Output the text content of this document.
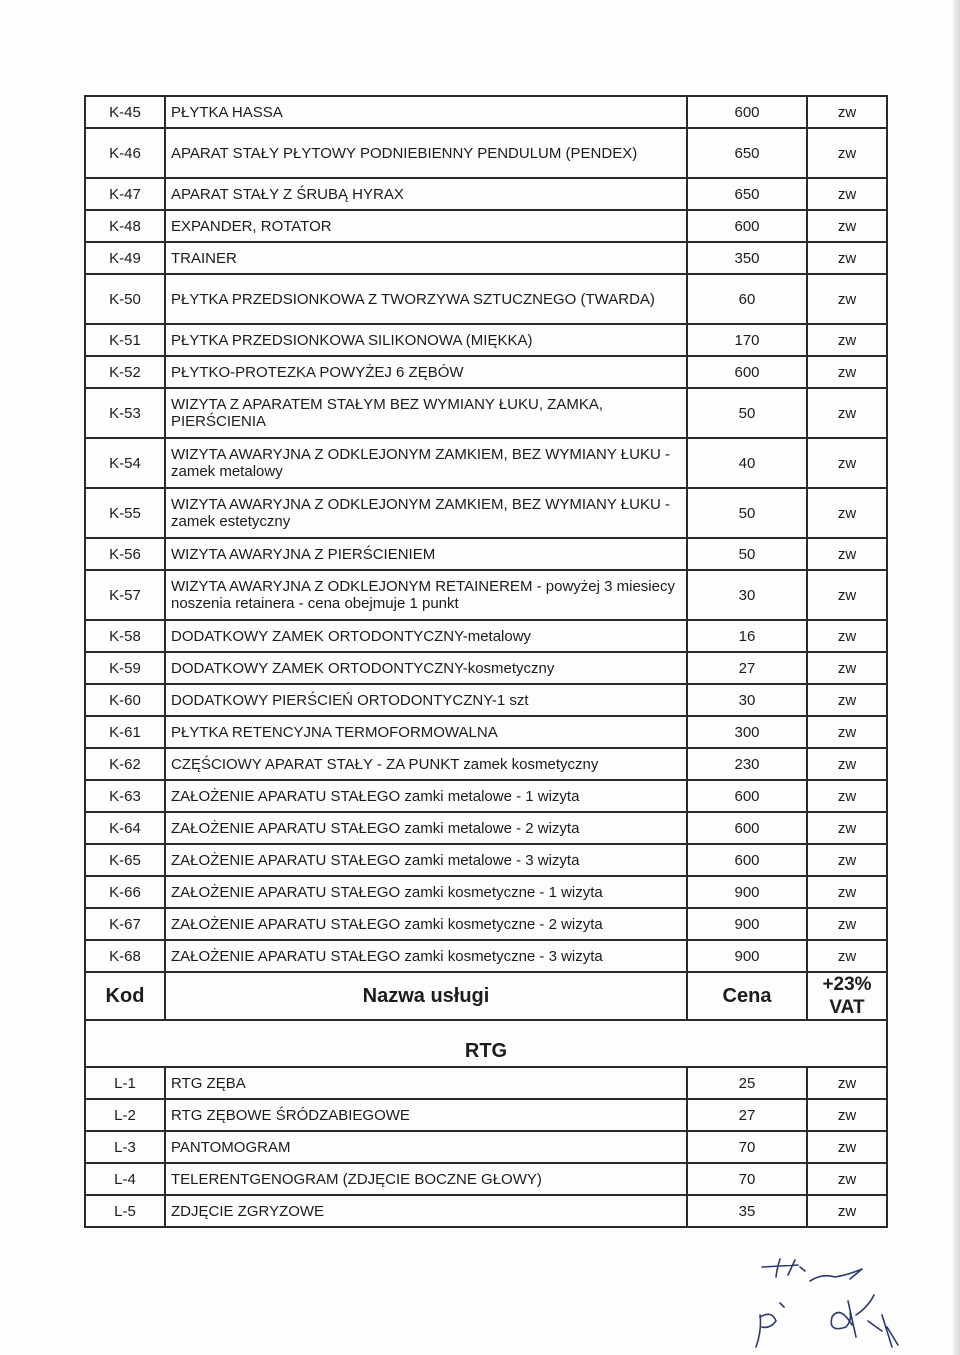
K-45	PŁYTKA HASSA	600	zw
K-46	APARAT STAŁY PŁYTOWY PODNIEBIENNY PENDULUM (PENDEX)	650	zw
K-47	APARAT STAŁY Z ŚRUBĄ HYRAX	650	zw
K-48	EXPANDER, ROTATOR	600	zw
K-49	TRAINER	350	zw
K-50	PŁYTKA PRZEDSIONKOWA Z TWORZYWA SZTUCZNEGO (TWARDA)	60	zw
K-51	PŁYTKA PRZEDSIONKOWA SILIKONOWA (MIĘKKA)	170	zw
K-52	PŁYTKO-PROTEZKA POWYŻEJ 6 ZĘBÓW	600	zw
K-53	WIZYTA Z APARATEM STAŁYM BEZ WYMIANY ŁUKU, ZAMKA, PIERŚCIENIA	50	zw
K-54	WIZYTA AWARYJNA Z ODKLEJONYM ZAMKIEM, BEZ WYMIANY ŁUKU - zamek metalowy	40	zw
K-55	WIZYTA AWARYJNA Z ODKLEJONYM ZAMKIEM, BEZ WYMIANY ŁUKU - zamek estetyczny	50	zw
K-56	WIZYTA AWARYJNA Z PIERŚCIENIEM	50	zw
K-57	WIZYTA AWARYJNA Z ODKLEJONYM RETAINEREM - powyżej 3 miesiecy noszenia retainera - cena obejmuje 1 punkt	30	zw
K-58	DODATKOWY ZAMEK ORTODONTYCZNY-metalowy	16	zw
K-59	DODATKOWY ZAMEK ORTODONTYCZNY-kosmetyczny	27	zw
K-60	DODATKOWY PIERŚCIEŃ ORTODONTYCZNY-1 szt	30	zw
K-61	PŁYTKA RETENCYJNA TERMOFORMOWALNA	300	zw
K-62	CZĘŚCIOWY APARAT STAŁY - ZA PUNKT zamek kosmetyczny	230	zw
K-63	ZAŁOŻENIE APARATU STAŁEGO zamki metalowe - 1 wizyta	600	zw
K-64	ZAŁOŻENIE APARATU STAŁEGO zamki metalowe - 2 wizyta	600	zw
K-65	ZAŁOŻENIE APARATU STAŁEGO zamki metalowe - 3 wizyta	600	zw
K-66	ZAŁOŻENIE APARATU STAŁEGO zamki kosmetyczne - 1 wizyta	900	zw
K-67	ZAŁOŻENIE APARATU STAŁEGO zamki kosmetyczne - 2 wizyta	900	zw
K-68	ZAŁOŻENIE APARATU STAŁEGO zamki kosmetyczne - 3 wizyta	900	zw
Kod	Nazwa usługi	Cena	+23%
VAT
RTG			
L-1	RTG ZĘBA	25	zw
L-2	RTG ZĘBOWE ŚRÓDZABIEGOWE	27	zw
L-3	PANTOMOGRAM	70	zw
L-4	TELERENTGENOGRAM (ZDJĘCIE BOCZNE GŁOWY)	70	zw
L-5	ZDJĘCIE ZGRYZOWE	35	zw
